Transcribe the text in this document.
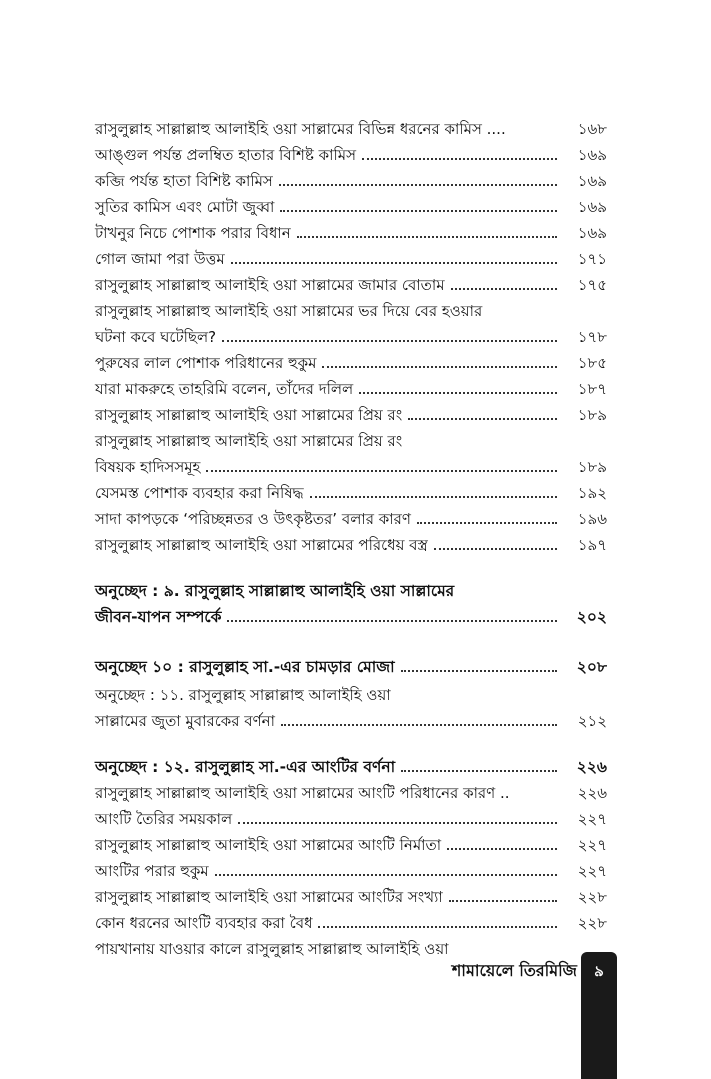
রাসুলুল্লাহ সাল্লাল্লাহু আলাইহি ওয়া সাল্লামের বিভিন্ন ধরনের কামিস ....	১৬৮
আঙ্গুল পর্যন্ত প্রলম্বিত হাতার বিশিষ্ট কামিস	১৬৯
কব্জি পর্যন্ত হাতা বিশিষ্ট কামিস	১৬৯
সুতির কামিস এবং মোটা জুব্বা	১৬৯
টাখনুর নিচে পোশাক পরার বিধান	১৬৯
গোল জামা পরা উত্তম	১৭১
রাসুলুল্লাহ সাল্লাল্লাহু আলাইহি ওয়া সাল্লামের জামার বোতাম	১৭৫
রাসুলুল্লাহ সাল্লাল্লাহু আলাইহি ওয়া সাল্লামের ভর দিয়ে বের হওয়ার
ঘটনা কবে ঘটেছিল?	১৭৮
পুরুষের লাল পোশাক পরিধানের হুকুম	১৮৫
যারা মাকরুহে তাহরিমি বলেন, তাঁদের দলিল	১৮৭
রাসুলুল্লাহ সাল্লাল্লাহু আলাইহি ওয়া সাল্লামের প্রিয় রং	১৮৯
রাসুলুল্লাহ সাল্লাল্লাহু আলাইহি ওয়া সাল্লামের প্রিয় রং
বিষয়ক হাদিসসমূহ	১৮৯
যেসমস্ত পোশাক ব্যবহার করা নিষিদ্ধ	১৯২
সাদা কাপড়কে ‘পরিচ্ছন্নতর ও উৎকৃষ্টতর’ বলার কারণ	১৯৬
রাসুলুল্লাহ সাল্লাল্লাহু আলাইহি ওয়া সাল্লামের পরিধেয় বস্ত্র	১৯৭
অনুচ্ছেদ : ৯. রাসুলুল্লাহ সাল্লাল্লাহু আলাইহি ওয়া সাল্লামের
জীবন-যাপন সম্পর্কে	২০২
অনুচ্ছেদ ১০ : রাসুলুল্লাহ সা.-এর চামড়ার মোজা	২০৮
অনুচ্ছেদ : ১১. রাসুলুল্লাহ সাল্লাল্লাহু আলাইহি ওয়া
সাল্লামের জুতা মুবারকের বর্ণনা	২১২
অনুচ্ছেদ : ১২. রাসুলুল্লাহ সা.-এর আংটির বর্ণনা	২২৬
রাসুলুল্লাহ সাল্লাল্লাহু আলাইহি ওয়া সাল্লামের আংটি পরিধানের কারণ ..	২২৬
আংটি তৈরির সময়কাল	২২৭
রাসুলুল্লাহ সাল্লাল্লাহু আলাইহি ওয়া সাল্লামের আংটি নির্মাতা	২২৭
আংটির পরার হুকুম	২২৭
রাসুলুল্লাহ সাল্লাল্লাহু আলাইহি ওয়া সাল্লামের আংটির সংখ্যা	২২৮
কোন ধরনের আংটি ব্যবহার করা বৈধ	২২৮
পায়খানায় যাওয়ার কালে রাসুলুল্লাহ সাল্লাল্লাহু আলাইহি ওয়া
শামায়েলে তিরমিজি	৯
